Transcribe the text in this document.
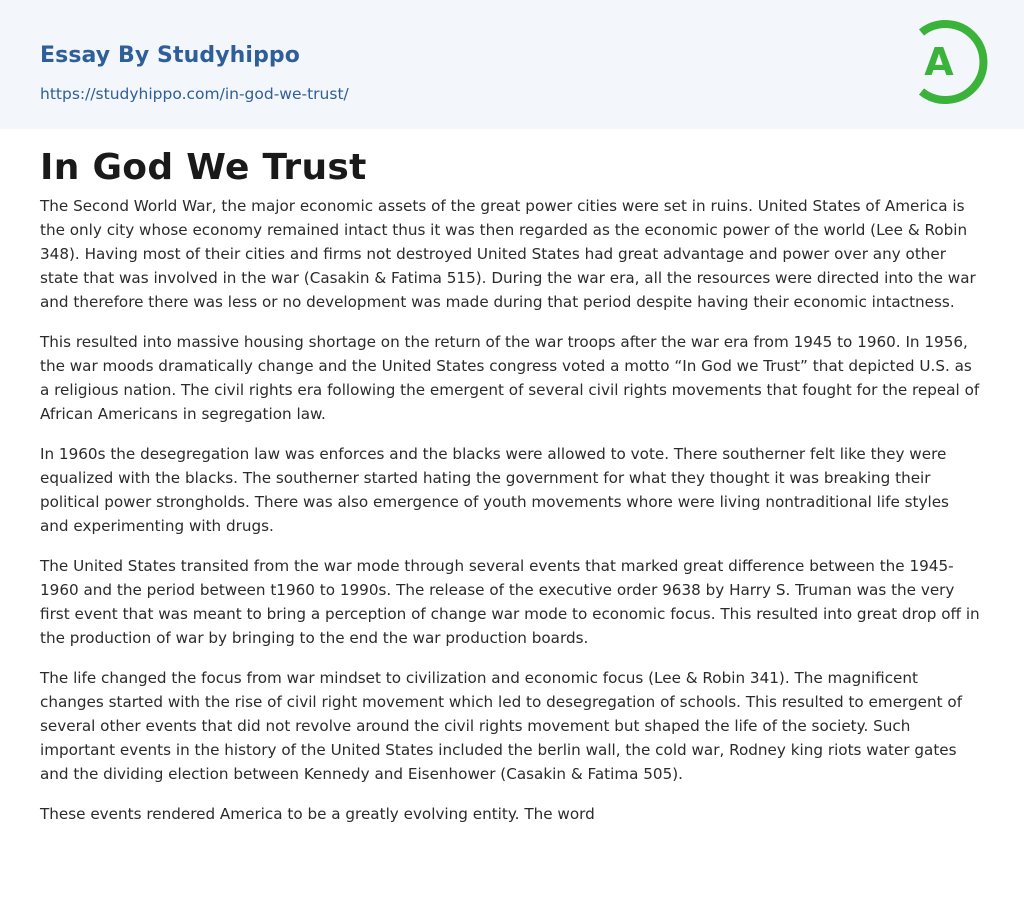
Essay By Studyhippo
https://studyhippo.com/in-god-we-trust/
A
In God We Trust

The Second World War, the major economic assets of the great power cities were set in ruins. United States of America is the only city whose economy remained intact thus it was then regarded as the economic power of the world (Lee & Robin 348). Having most of their cities and firms not destroyed United States had great advantage and power over any other state that was involved in the war (Casakin & Fatima 515). During the war era, all the resources were directed into the war and therefore there was less or no development was made during that period despite having their economic intactness.

This resulted into massive housing shortage on the return of the war troops after the war era from 1945 to 1960. In 1956, the war moods dramatically change and the United States congress voted a motto “In God we Trust” that depicted U.S. as a religious nation. The civil rights era following the emergent of several civil rights movements that fought for the repeal of African Americans in segregation law.

In 1960s the desegregation law was enforces and the blacks were allowed to vote. There southerner felt like they were equalized with the blacks. The southerner started hating the government for what they thought it was breaking their political power strongholds. There was also emergence of youth movements whore were living nontraditional life styles and experimenting with drugs.

The United States transited from the war mode through several events that marked great difference between the 1945-1960 and the period between t1960 to 1990s. The release of the executive order 9638 by Harry S. Truman was the very first event that was meant to bring a perception of change war mode to economic focus. This resulted into great drop off in the production of war by bringing to the end the war production boards.

The life changed the focus from war mindset to civilization and economic focus (Lee & Robin 341). The magnificent changes started with the rise of civil right movement which led to desegregation of schools. This resulted to emergent of several other events that did not revolve around the civil rights movement but shaped the life of the society. Such important events in the history of the United States included the berlin wall, the cold war, Rodney king riots water gates and the dividing election between Kennedy and Eisenhower (Casakin & Fatima 505).

These events rendered America to be a greatly evolving entity. The word
